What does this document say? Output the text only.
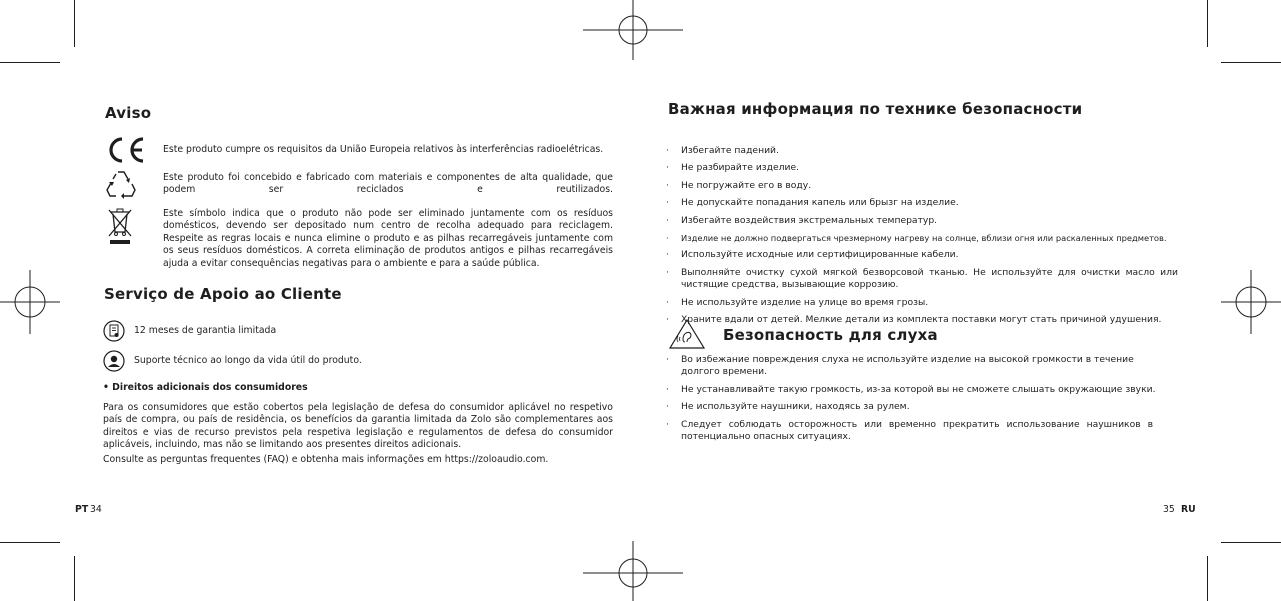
Aviso
Este produto cumpre os requisitos da União Europeia relativos às interferências radioelétricas.
Este produto foi concebido e fabricado com materiais e componentes de alta qualidade, que podem ser reciclados e reutilizados.
Este símbolo indica que o produto não pode ser eliminado juntamente com os resíduos domésticos, devendo ser depositado num centro de recolha adequado para reciclagem. Respeite as regras locais e nunca elimine o produto e as pilhas recarregáveis juntamente com os seus resíduos domésticos. A correta eliminação de produtos antigos e pilhas recarregáveis ajuda a evitar consequências negativas para o ambiente e para a saúde pública.
Serviço de Apoio ao Cliente
12 meses de garantia limitada
Suporte técnico ao longo da vida útil do produto.
• Direitos adicionais dos consumidores
Para os consumidores que estão cobertos pela legislação de defesa do consumidor aplicável no respetivo país de compra, ou país de residência, os benefícios da garantia limitada da Zolo são complementares aos direitos e vias de recurso previstos pela respetiva legislação e regulamentos de defesa do consumidor aplicáveis, incluindo, mas não se limitando aos presentes direitos adicionais.
Consulte as perguntas frequentes (FAQ) e obtenha mais informações em https://zoloaudio.com.
PT 34
Важная информация по технике безопасности
· Избегайте падений.
· Не разбирайте изделие.
· Не погружайте его в воду.
· Не допускайте попадания капель или брызг на изделие.
· Избегайте воздействия экстремальных температур.
· Изделие не должно подвергаться чрезмерному нагреву на солнце, вблизи огня или раскаленных предметов.
· Используйте исходные или сертифицированные кабели.
· Выполняйте очистку сухой мягкой безворсовой тканью. Не используйте для очистки масло или чистящие средства, вызывающие коррозию.
· Не используйте изделие на улице во время грозы.
· Храните вдали от детей. Мелкие детали из комплекта поставки могут стать причиной удушения.
Безопасность для слуха
· Во избежание повреждения слуха не используйте изделие на высокой громкости в течение долгого времени.
· Не устанавливайте такую громкость, из-за которой вы не сможете слышать окружающие звуки.
· Не используйте наушники, находясь за рулем.
· Следует соблюдать осторожность или временно прекратить использование наушников в потенциально опасных ситуациях.
35 RU
